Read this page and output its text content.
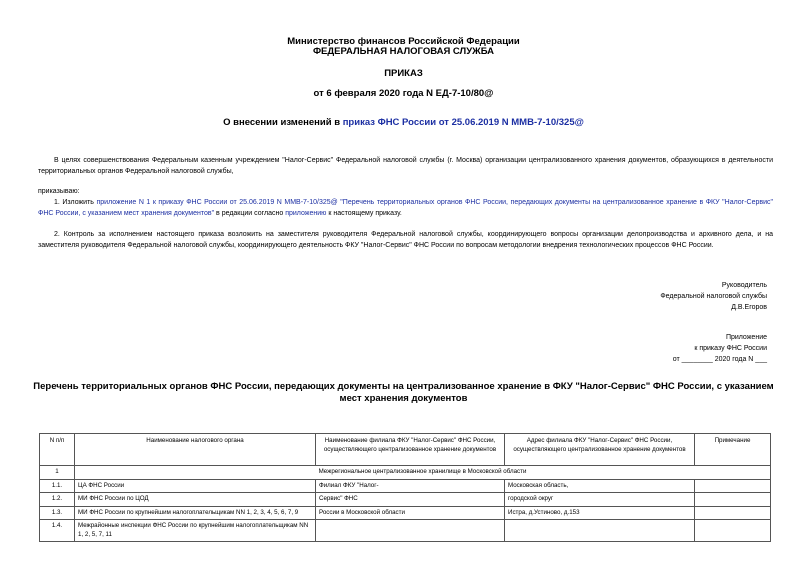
Министерство финансов Российской Федерации
ФЕДЕРАЛЬНАЯ НАЛОГОВАЯ СЛУЖБА
ПРИКАЗ
от 6 февраля 2020 года N ЕД-7-10/80@
О внесении изменений в приказ ФНС России от 25.06.2019 N ММВ-7-10/325@
В целях совершенствования Федеральным казенным учреждением "Налог-Сервис" Федеральной налоговой службы (г. Москва) организации централизованного хранения документов, образующихся в деятельности территориальных органов Федеральной налоговой службы,
приказываю:
1. Изложить приложение N 1 к приказу ФНС России от 25.06.2019 N ММВ-7-10/325@ "Перечень территориальных органов ФНС России, передающих документы на централизованное хранение в ФКУ "Налог-Сервис" ФНС России, с указанием мест хранения документов" в редакции согласно приложению к настоящему приказу.
2. Контроль за исполнением настоящего приказа возложить на заместителя руководителя Федеральной налоговой службы, координирующего вопросы организации делопроизводства и архивного дела, и на заместителя руководителя Федеральной налоговой службы, координирующего деятельность ФКУ "Налог-Сервис" ФНС России по вопросам методологии внедрения технологических процессов ФНС России.
Руководитель
Федеральной налоговой службы
Д.В.Егоров
Приложение
к приказу ФНС России
от ________ 2020 года N ___
Перечень территориальных органов ФНС России, передающих документы на централизованное хранение в ФКУ "Налог-Сервис" ФНС России, с указанием мест хранения документов
N п/п	Наименование налогового органа	Наименование филиала ФКУ "Налог-Сервис" ФНС России, осуществляющего централизованное хранение документов	Адрес филиала ФКУ "Налог-Сервис" ФНС России, осуществляющего централизованное хранение документов	Примечание
1	Межрегиональное централизованное хранилище в Московской области			
1.1.	ЦА ФНС России	Филиал ФКУ "Налог-	Московская область,	
1.2.	МИ ФНС России по ЦОД	Сервис" ФНС	городской округ	
1.3.	МИ ФНС России по крупнейшим налогоплательщикам NN 1, 2, 3, 4, 5, 6, 7, 9	России в Московской области	Истра, д.Устиново, д.153	
1.4.	Межрайонные инспекции ФНС России по крупнейшим налогоплательщикам NN 1, 2, 5, 7, 11			
